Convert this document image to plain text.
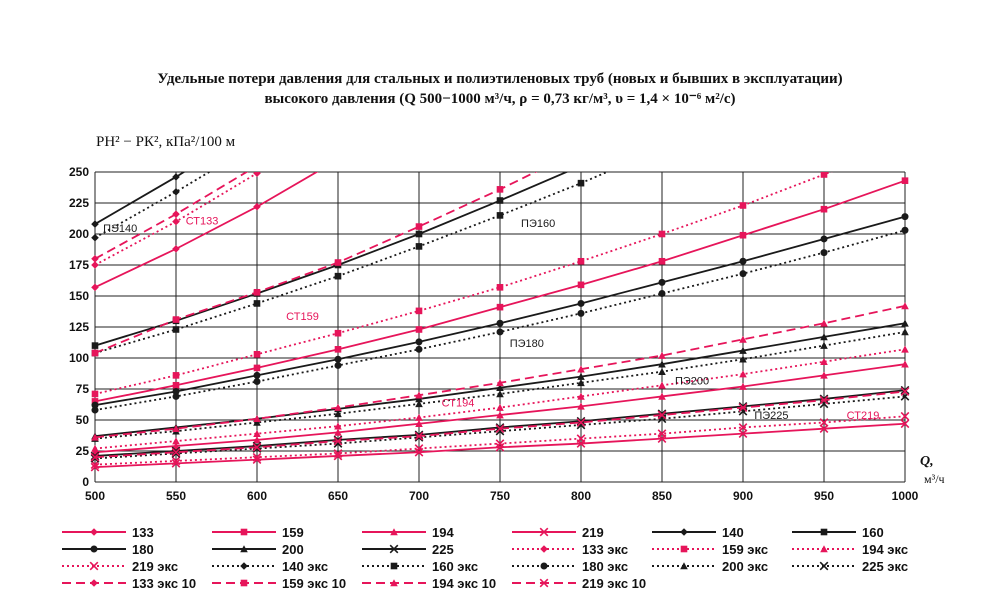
Удельные потери давления для стальных и полиэтиленовых труб (новых и бывших в эксплуатации)
высокого давления (Q 500−1000 м³/ч, ρ = 0,73 кг/м³, υ = 1,4 × 10⁻⁶ м²/с)
PН² − PК², кПа²/100 м
Q,
м³/ч
500	550	600	650	700	750	800	850	900	950	1000
0
25
50
75
100
125
150
175
200
225
250
ПЭ140
СТ133	ПЭ160
СТ159
ПЭ180
ПЭ200
СТ194
ПЭ225	СТ219
133	159	194	219	140	160
180	200	225	133 экс	159 экс	194 экс
219 экс	140 экс	160 экс	180 экс	200 экс	225 экс
133 экс 10	159 экс 10	194 экс 10	219 экс 10
